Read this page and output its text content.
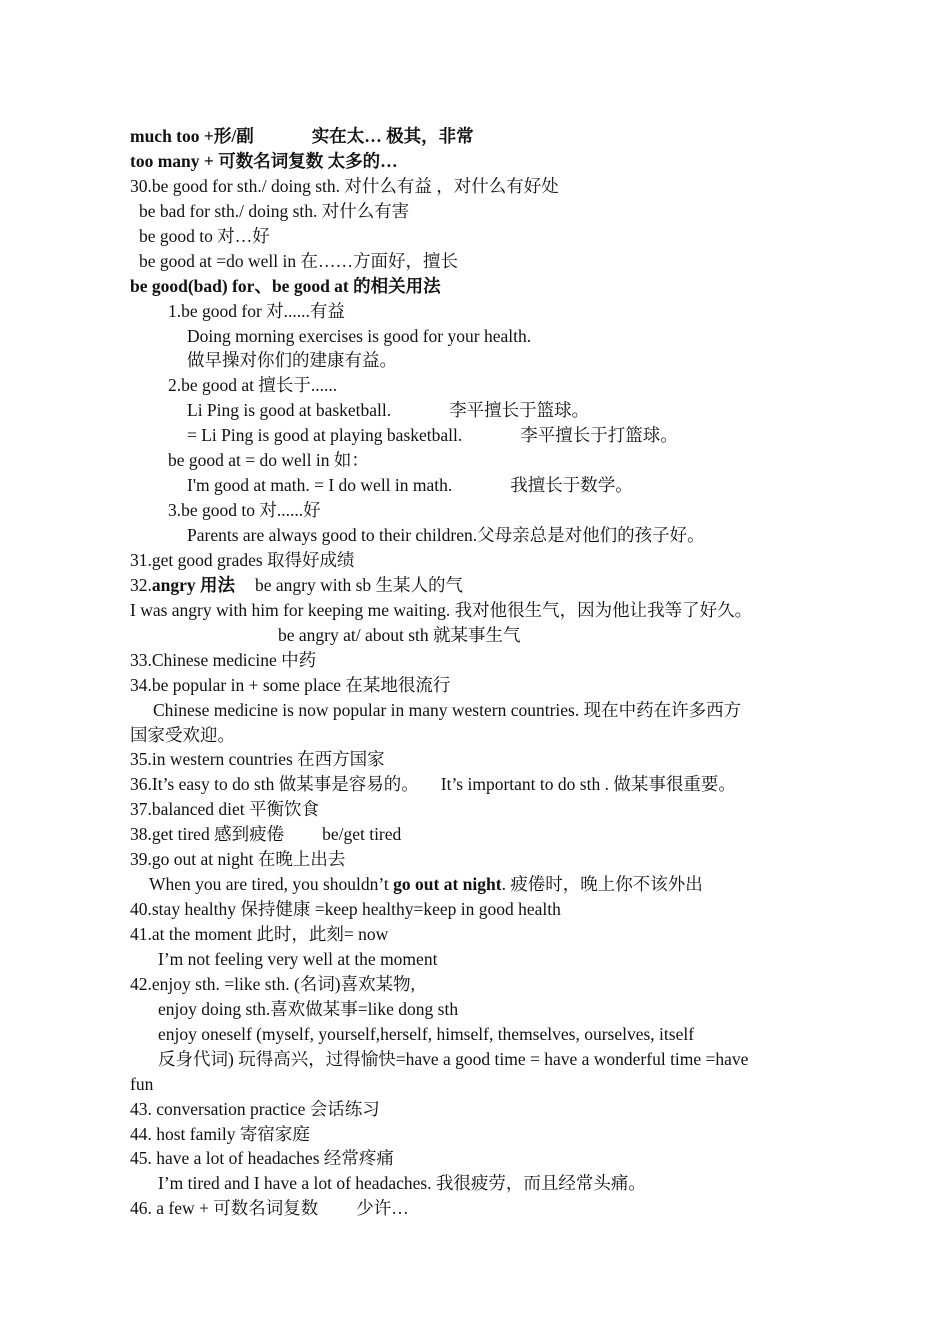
much too +形/副	实在太… 极其，非常
too many + 可数名词复数 太多的…
30.be good for sth./ doing sth. 对什么有益 ，对什么有好处
be bad for sth./ doing sth. 对什么有害
be good to 对…好
be good at =do well in 在……方面好，擅长
be good(bad) for、be good at 的相关用法
1.be good for 对......有益
Doing morning exercises is good for your health.
做早操对你们的建康有益。
2.be good at 擅长于......
Li Ping is good at basketball.	李平擅长于篮球。
= Li Ping is good at playing basketball.	李平擅长于打篮球。
be good at = do well in 如：
I'm good at math. = I do well in math.	我擅长于数学。
3.be good to 对......好
Parents are always good to their children.父母亲总是对他们的孩子好。
31.get good grades 取得好成绩
32.angry 用法 be angry with sb 生某人的气
I was angry with him for keeping me waiting. 我对他很生气，因为他让我等了好久。
be angry at/ about sth 就某事生气
33.Chinese medicine 中药
34.be popular in + some place 在某地很流行
Chinese medicine is now popular in many western countries. 现在中药在许多西方
国家受欢迎。
35.in western countries 在西方国家
36.It’s easy to do sth 做某事是容易的。 It’s important to do sth . 做某事很重要。
37.balanced diet 平衡饮食
38.get tired 感到疲倦 be/get tired
39.go out at night 在晚上出去
When you are tired, you shouldn’t go out at night. 疲倦时，晚上你不该外出
40.stay healthy 保持健康 =keep healthy=keep in good health
41.at the moment 此时，此刻= now
I’m not feeling very well at the moment
42.enjoy sth. =like sth. (名词)喜欢某物,
enjoy doing sth.喜欢做某事=like dong sth
enjoy oneself (myself, yourself,herself, himself, themselves, ourselves, itself
反身代词) 玩得高兴，过得愉快=have a good time = have a wonderful time =have
fun
43. conversation practice 会话练习
44. host family 寄宿家庭
45. have a lot of headaches 经常疼痛
I’m tired and I have a lot of headaches. 我很疲劳，而且经常头痛。
46. a few + 可数名词复数 少许…
